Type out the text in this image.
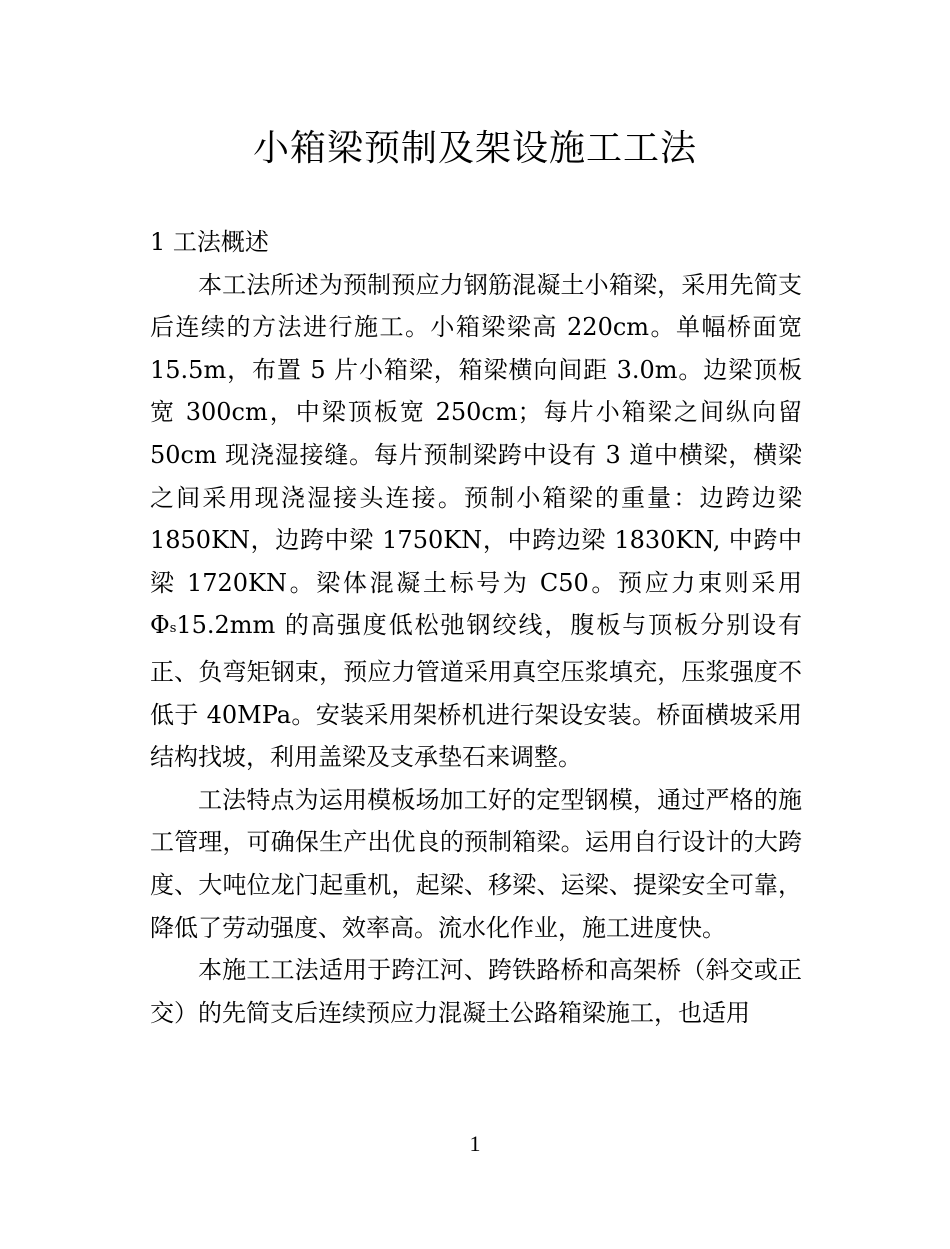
小箱梁预制及架设施工工法

1 工法概述

本工法所述为预制预应力钢筋混凝土小箱梁，采用先简支后连续的方法进行施工。小箱梁梁高 220cm。单幅桥面宽 15.5m，布置 5 片小箱梁，箱梁横向间距 3.0m。边梁顶板宽 300cm，中梁顶板宽 250cm；每片小箱梁之间纵向留 50cm 现浇湿接缝。每片预制梁跨中设有 3 道中横梁，横梁之间采用现浇湿接头连接。预制小箱梁的重量：边跨边梁 1850KN，边跨中梁 1750KN，中跨边梁 1830KN, 中跨中梁 1720KN。梁体混凝土标号为 C50。预应力束则采用Φs15.2mm 的高强度低松弛钢绞线，腹板与顶板分别设有正、负弯矩钢束，预应力管道采用真空压浆填充，压浆强度不低于 40MPa。安装采用架桥机进行架设安装。桥面横坡采用结构找坡，利用盖梁及支承垫石来调整。

工法特点为运用模板场加工好的定型钢模，通过严格的施工管理，可确保生产出优良的预制箱梁。运用自行设计的大跨度、大吨位龙门起重机，起梁、移梁、运梁、提梁安全可靠，降低了劳动强度、效率高。流水化作业，施工进度快。

本施工工法适用于跨江河、跨铁路桥和高架桥（斜交或正交）的先简支后连续预应力混凝土公路箱梁施工，也适用

1
